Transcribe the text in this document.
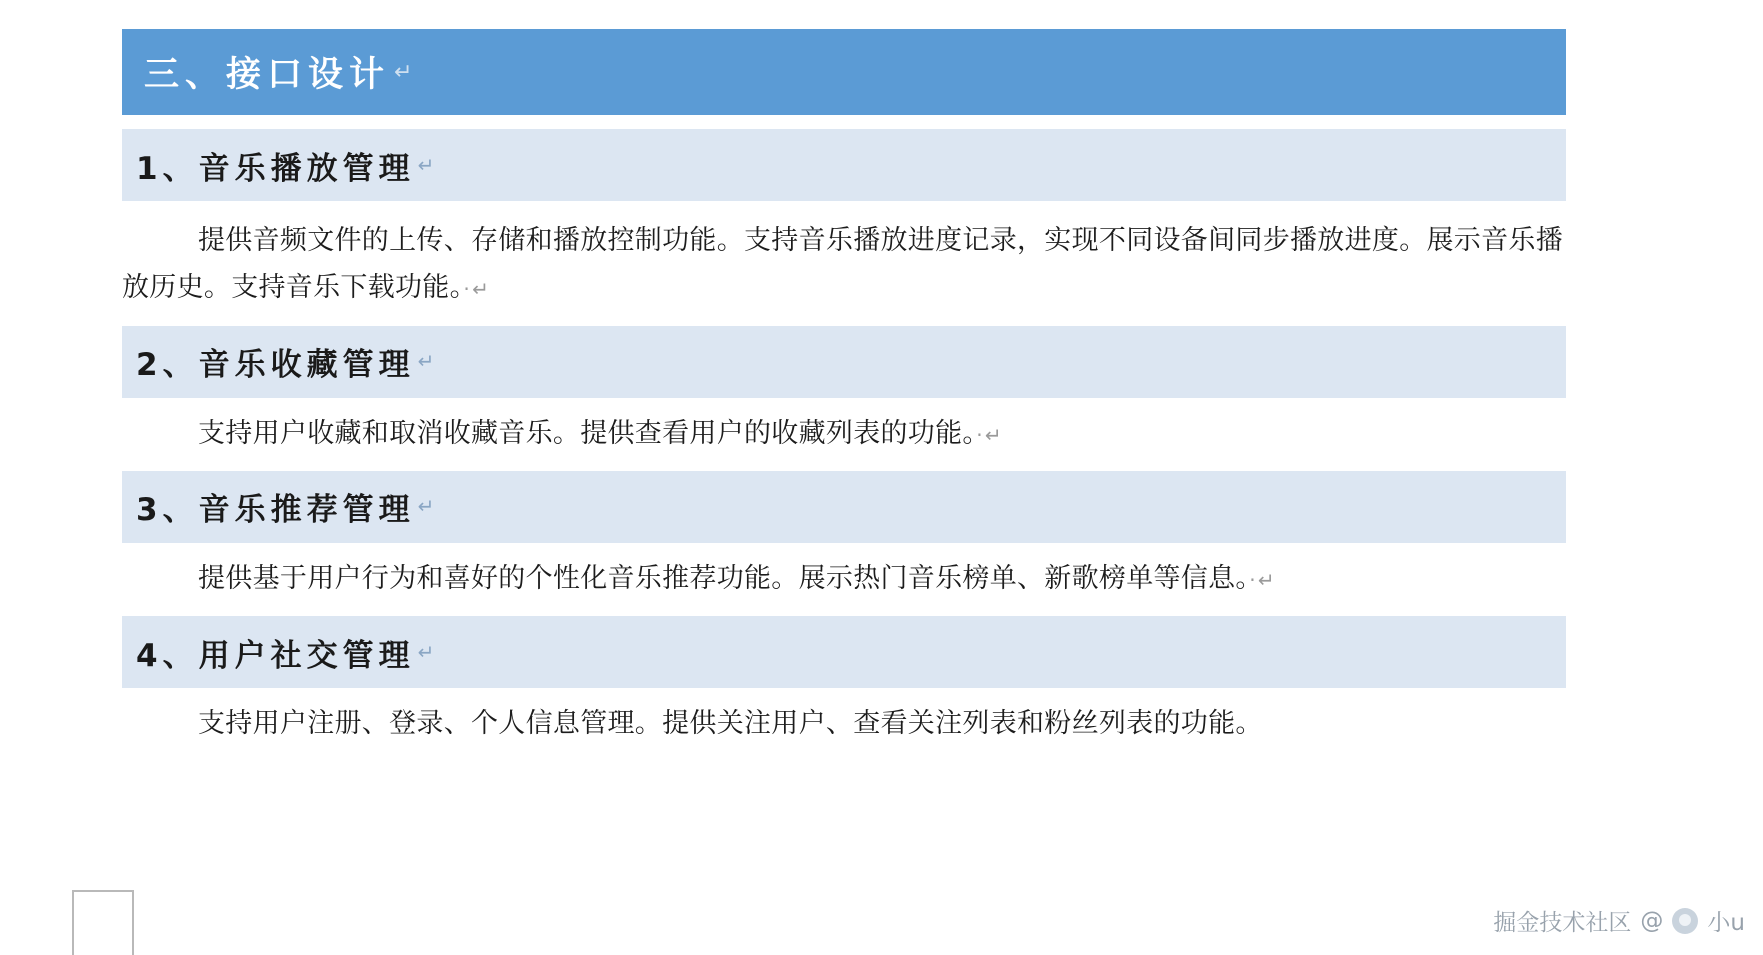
三、接口设计 ↵
1、音乐播放管理 ↵

提供音频文件的上传、存储和播放控制功能。支持音乐播放进度记录，实现不同设备间同步播放进度。展示音乐播放历史。支持音乐下载功能。· ↵

2、音乐收藏管理 ↵

支持用户收藏和取消收藏音乐。提供查看用户的收藏列表的功能。· ↵

3、音乐推荐管理 ↵

提供基于用户行为和喜好的个性化音乐推荐功能。展示热门音乐榜单、新歌榜单等信息。· ↵

4、用户社交管理 ↵

支持用户注册、登录、个人信息管理。提供关注用户、查看关注列表和粉丝列表的功能。

掘金技术社区 @ 小u
